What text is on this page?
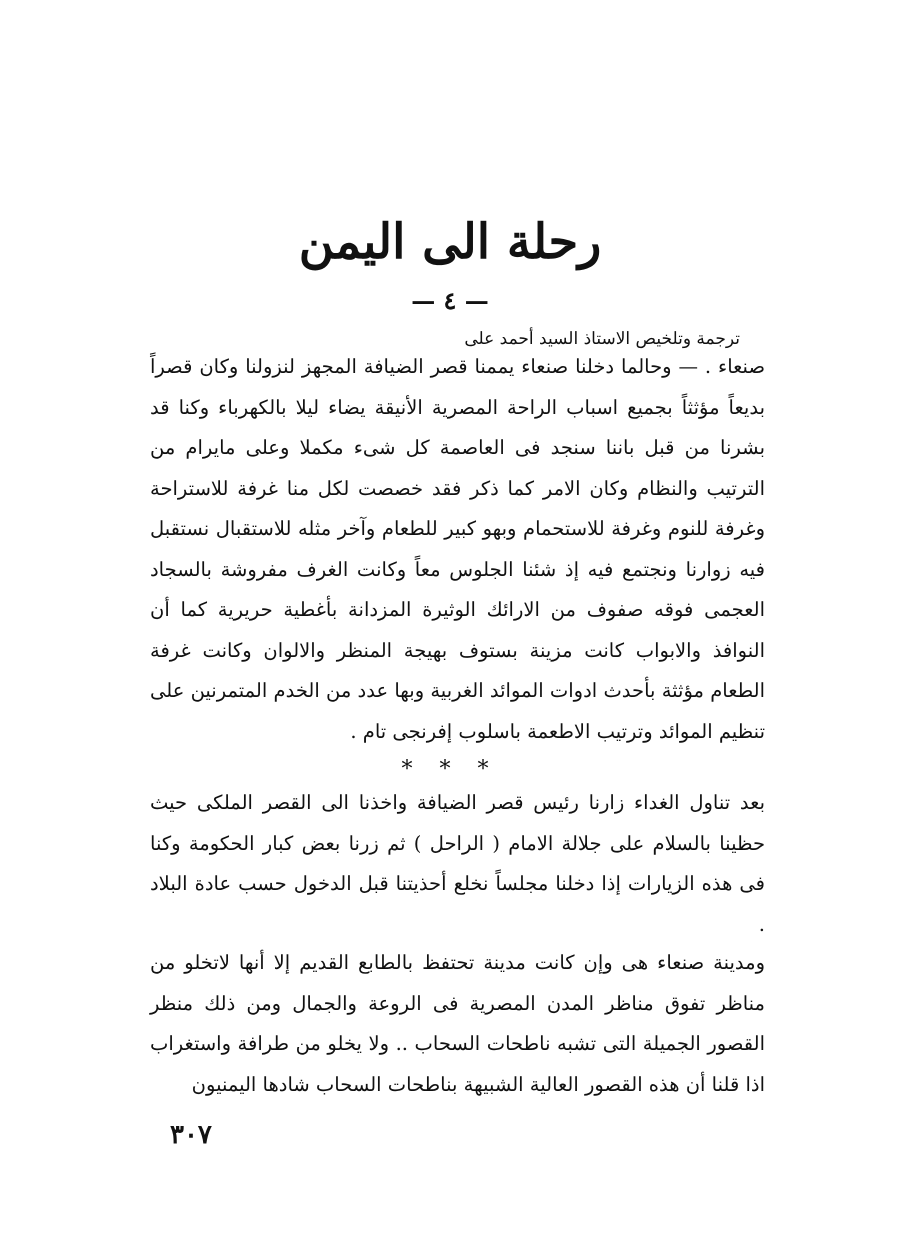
رحلة الى اليمن
— ٤ —
ترجمة وتلخيص الاستاذ السيد أحمد على
صنعاء . — وحالما دخلنا صنعاء يممنا قصر الضيافة المجهز لنزولنا وكان قصراً بديعاً مؤثثاً بجميع اسباب الراحة المصرية الأنيقة يضاء ليلا بالكهرباء وكنا قد بشرنا من قبل باننا سنجد فى العاصمة كل شىء مكملا وعلى مايرام من الترتيب والنظام وكان الامر كما ذكر فقد خصصت لكل منا غرفة للاستراحة وغرفة للنوم وغرفة للاستحمام وبهو كبير للطعام وآخر مثله للاستقبال نستقبل فيه زوارنا ونجتمع فيه إذ شئنا الجلوس معاً وكانت الغرف مفروشة بالسجاد العجمى فوقه صفوف من الارائك الوثيرة المزدانة بأغطية حريرية كما أن النوافذ والابواب كانت مزينة بستوف بهيجة المنظر والالوان وكانت غرفة الطعام مؤثثة بأحدث ادوات الموائد الغربية وبها عدد من الخدم المتمرنين على تنظيم الموائد وترتيب الاطعمة باسلوب إفرنجى تام .
* * *
بعد تناول الغداء زارنا رئيس قصر الضيافة واخذنا الى القصر الملكى حيث حظينا بالسلام على جلالة الامام ( الراحل ) ثم زرنا بعض كبار الحكومة وكنا فى هذه الزيارات إذا دخلنا مجلساً نخلع أحذيتنا قبل الدخول حسب عادة البلاد .
ومدينة صنعاء هى وإن كانت مدينة تحتفظ بالطابع القديم إلا أنها لاتخلو من مناظر تفوق مناظر المدن المصرية فى الروعة والجمال ومن ذلك منظر القصور الجميلة التى تشبه ناطحات السحاب .. ولا يخلو من طرافة واستغراب اذا قلنا أن هذه القصور العالية الشبيهة بناطحات السحاب شادها اليمنيون
٣٠٧
